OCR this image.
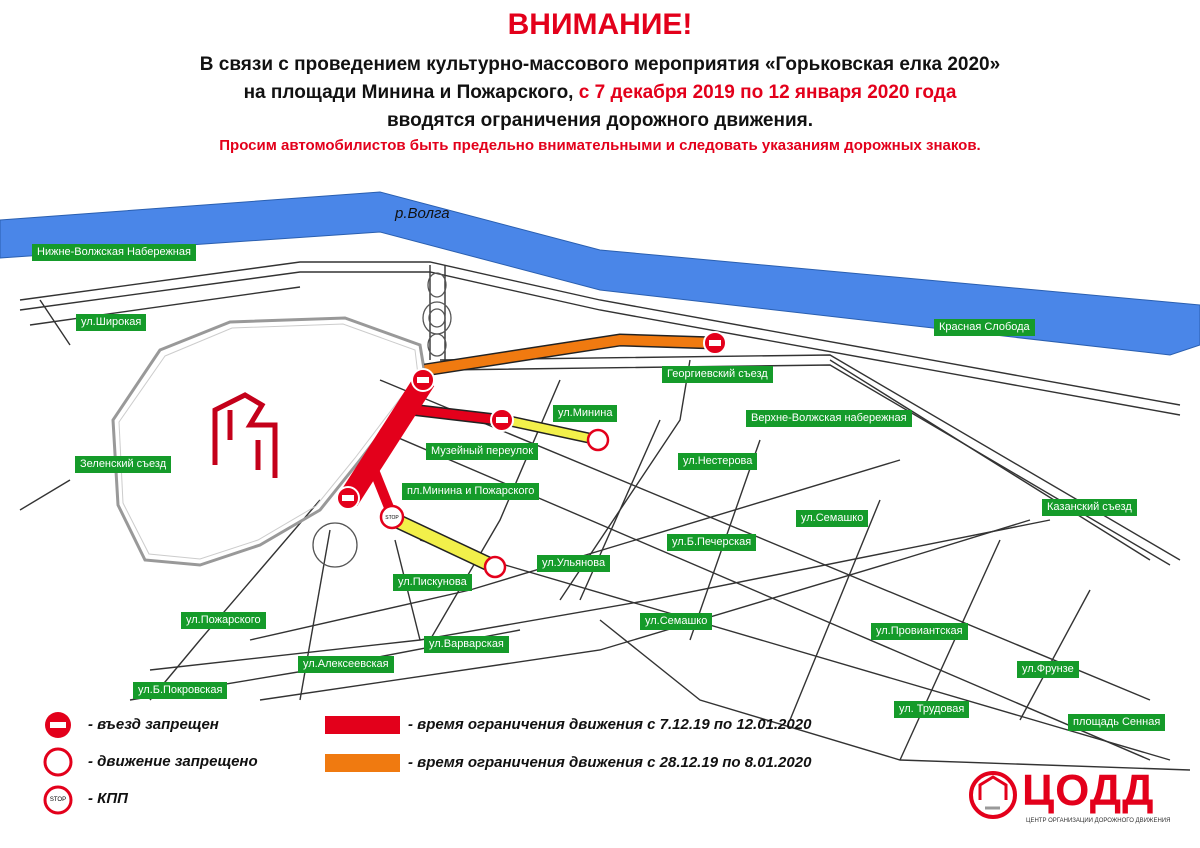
ВНИМАНИЕ!
В связи с проведением культурно-массового мероприятия «Горьковская елка 2020»
на площади Минина и Пожарского, с 7 декабря 2019 по 12 января 2020 года
вводятся ограничения дорожного движения.
Просим автомобилистов быть предельно внимательными и следовать указаниям дорожных знаков.
STOP
STOP
р.Волга
Нижне-Волжская Набережная
ул.Широкая	Красная Слобода
Георгиевский съезд
ул.Минина	Верхне-Волжская набережная
Музейный переулок
Зеленский съезд	ул.Нестерова
пл.Минина и Пожарского
Казанский съезд
ул.Семашко
ул.Б.Печерская
ул.Ульянова
ул.Пискунова
ул.Семашко
ул.Пожарского
ул.Провиантская
ул.Варварская
ул.Алексеевская	ул.Фрунзе
ул.Б.Покровская
ул. Трудовая
площадь Сенная
- въезд запрещен
- движение запрещено
- КПП
- время ограничения движения с 7.12.19 по 12.01.2020
- время ограничения движения с 28.12.19 по 8.01.2020
ЦОДД
ЦЕНТР ОРГАНИЗАЦИИ ДОРОЖНОГО ДВИЖЕНИЯ
